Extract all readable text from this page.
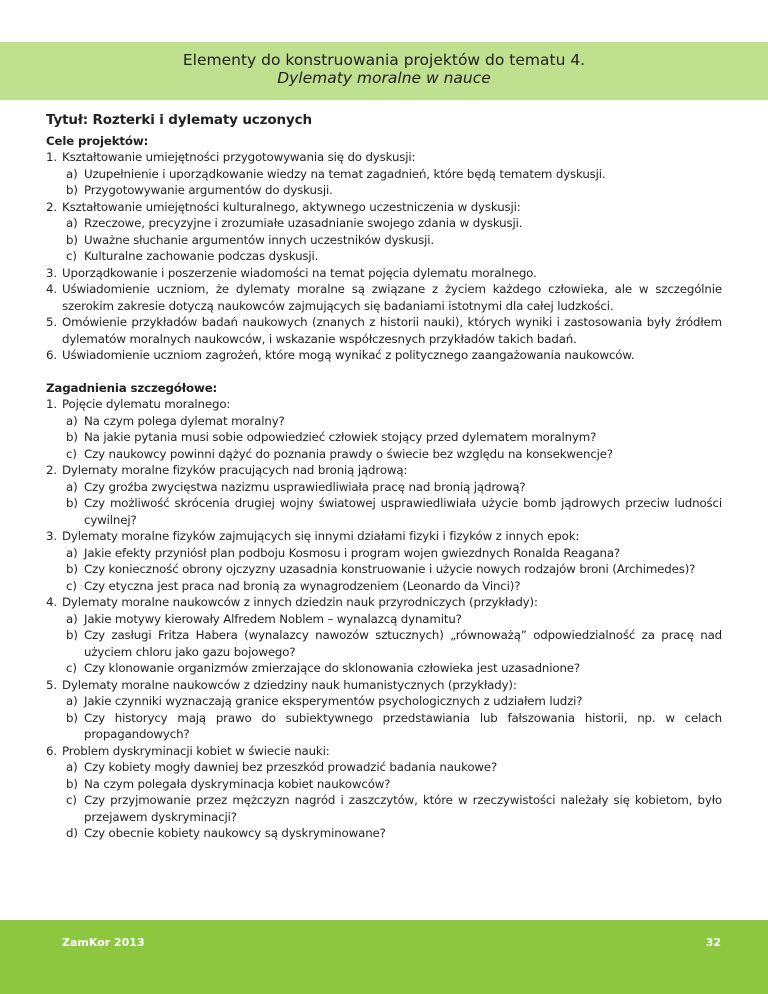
Elementy do konstruowania projektów do tematu 4.
Dylematy moralne w nauce
Tytuł: Rozterki i dylematy uczonych
Cele projektów:
1. Kształtowanie umiejętności przygotowywania się do dyskusji:
a) Uzupełnienie i uporządkowanie wiedzy na temat zagadnień, które będą tematem dyskusji.
b) Przygotowywanie argumentów do dyskusji.
2. Kształtowanie umiejętności kulturalnego, aktywnego uczestniczenia w dyskusji:
a) Rzeczowe, precyzyjne i zrozumiałe uzasadnianie swojego zdania w dyskusji.
b) Uważne słuchanie argumentów innych uczestników dyskusji.
c) Kulturalne zachowanie podczas dyskusji.
3. Uporządkowanie i poszerzenie wiadomości na temat pojęcia dylematu moralnego.
4. Uświadomienie uczniom, że dylematy moralne są związane z życiem każdego człowieka, ale w szczególnie szerokim zakresie dotyczą naukowców zajmujących się badaniami istotnymi dla całej ludzkości.
5. Omówienie przykładów badań naukowych (znanych z historii nauki), których wyniki i zastosowania były źródłem dylematów moralnych naukowców, i wskazanie współczesnych przykładów takich badań.
6. Uświadomienie uczniom zagrożeń, które mogą wynikać z politycznego zaangażowania naukowców.
Zagadnienia szczegółowe:
1. Pojęcie dylematu moralnego:
a) Na czym polega dylemat moralny?
b) Na jakie pytania musi sobie odpowiedzieć człowiek stojący przed dylematem moralnym?
c) Czy naukowcy powinni dążyć do poznania prawdy o świecie bez względu na konsekwencje?
2. Dylematy moralne fizyków pracujących nad bronią jądrową:
a) Czy groźba zwycięstwa nazizmu usprawiedliwiała pracę nad bronią jądrową?
b) Czy możliwość skrócenia drugiej wojny światowej usprawiedliwiała użycie bomb jądrowych przeciw ludności cywilnej?
3. Dylematy moralne fizyków zajmujących się innymi działami fizyki i fizyków z innych epok:
a) Jakie efekty przyniósł plan podboju Kosmosu i program wojen gwiezdnych Ronalda Reagana?
b) Czy konieczność obrony ojczyzny uzasadnia konstruowanie i użycie nowych rodzajów broni (Archimedes)?
c) Czy etyczna jest praca nad bronią za wynagrodzeniem (Leonardo da Vinci)?
4. Dylematy moralne naukowców z innych dziedzin nauk przyrodniczych (przykłady):
a) Jakie motywy kierowały Alfredem Noblem – wynalazcą dynamitu?
b) Czy zasługi Fritza Habera (wynalazcy nawozów sztucznych) „równoważą” odpowiedzialność za pracę nad użyciem chloru jako gazu bojowego?
c) Czy klonowanie organizmów zmierzające do sklonowania człowieka jest uzasadnione?
5. Dylematy moralne naukowców z dziedziny nauk humanistycznych (przykłady):
a) Jakie czynniki wyznaczają granice eksperymentów psychologicznych z udziałem ludzi?
b) Czy historycy mają prawo do subiektywnego przedstawiania lub fałszowania historii, np. w celach propagandowych?
6. Problem dyskryminacji kobiet w świecie nauki:
a) Czy kobiety mogły dawniej bez przeszkód prowadzić badania naukowe?
b) Na czym polegała dyskryminacja kobiet naukowców?
c) Czy przyjmowanie przez mężczyzn nagród i zaszczytów, które w rzeczywistości należały się kobietom, było przejawem dyskryminacji?
d) Czy obecnie kobiety naukowcy są dyskryminowane?
ZamKor 2013	32
